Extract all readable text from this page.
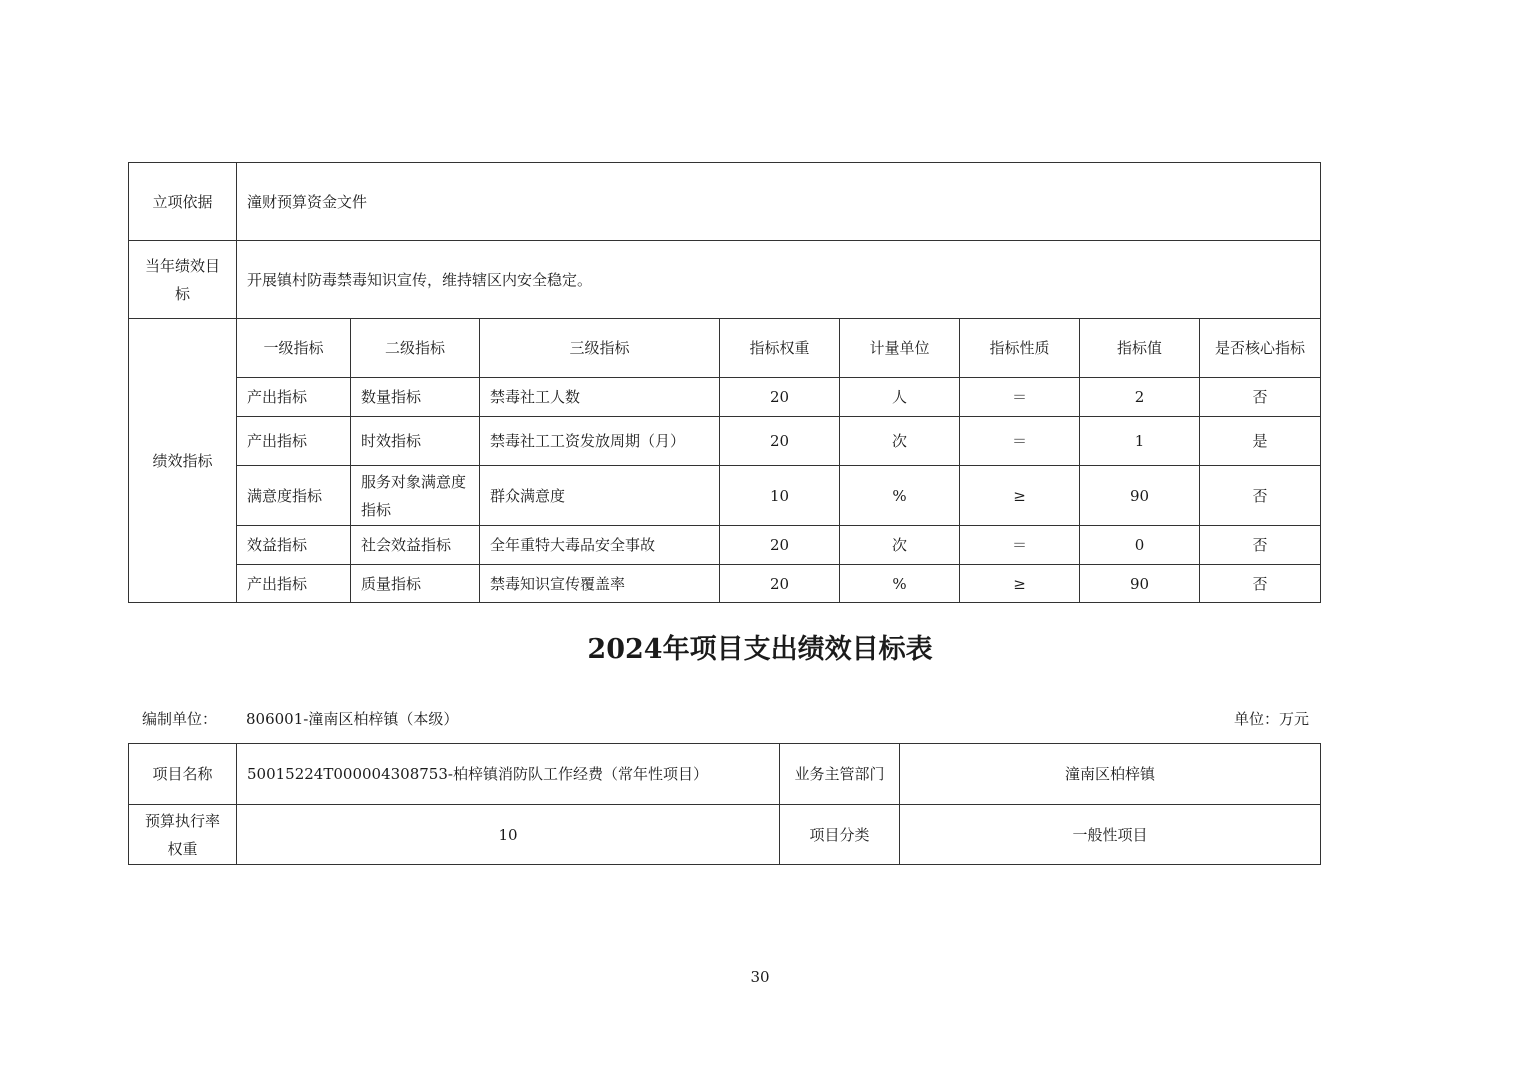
立项依据	潼财预算资金文件							
当年绩效目标	开展镇村防毒禁毒知识宣传，维持辖区内安全稳定。							
绩效指标	一级指标	二级指标	三级指标	指标权重	计量单位	指标性质	指标值	是否核心指标
	产出指标	数量指标	禁毒社工人数	20	人	＝	2	否
	产出指标	时效指标	禁毒社工工资发放周期（月）	20	次	＝	1	是
	满意度指标	服务对象满意度指标	群众满意度	10	%	≥	90	否
	效益指标	社会效益指标	全年重特大毒品安全事故	20	次	＝	0	否
	产出指标	质量指标	禁毒知识宣传覆盖率	20	%	≥	90	否
2024年项目支出绩效目标表
编制单位： 806001-潼南区柏梓镇（本级）	单位：万元
项目名称	50015224T000004308753-柏梓镇消防队工作经费（常年性项目）	业务主管部门	潼南区柏梓镇
预算执行率权重	10	项目分类	一般性项目
30
